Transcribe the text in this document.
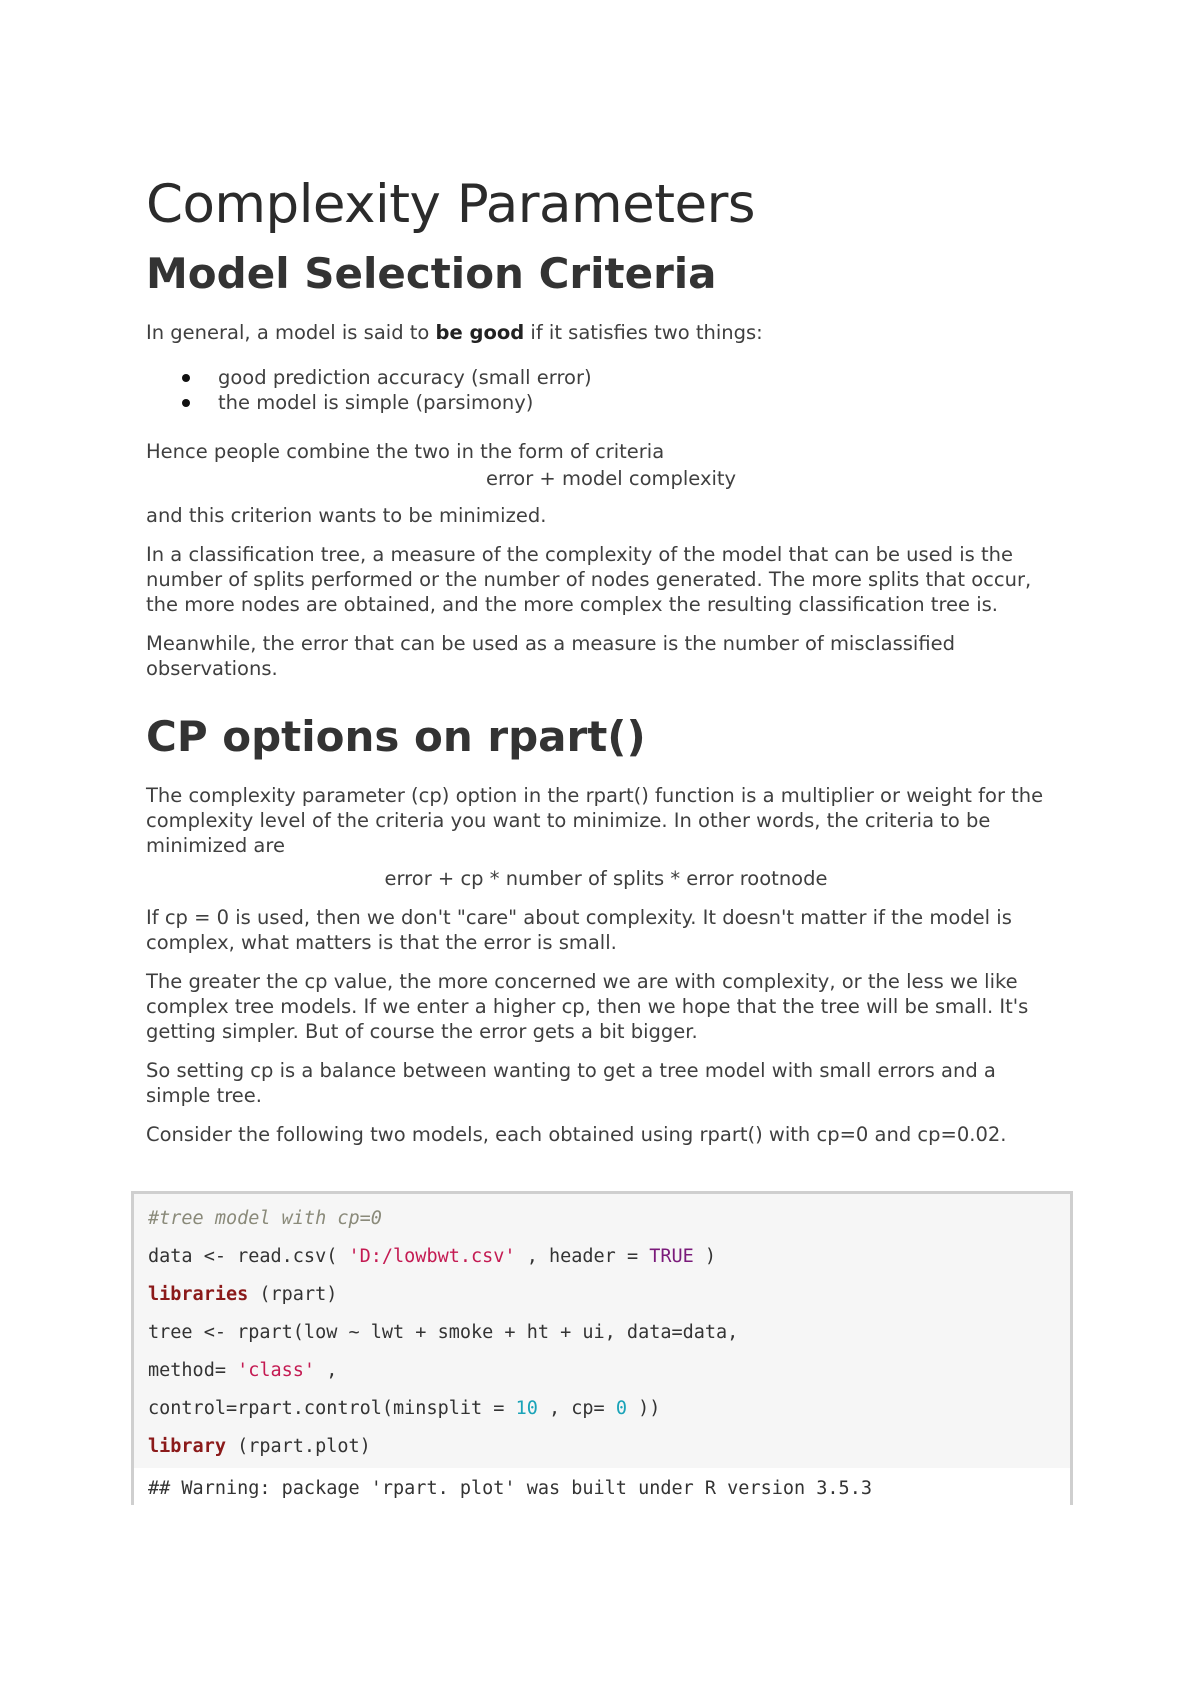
Complexity Parameters
Model Selection Criteria

In general, a model is said to be good if it satisfies two things:

good prediction accuracy (small error)
the model is simple (parsimony)

Hence people combine the two in the form of criteria

error + model complexity

and this criterion wants to be minimized.

In a classification tree, a measure of the complexity of the model that can be used is the number of splits performed or the number of nodes generated. The more splits that occur, the more nodes are obtained, and the more complex the resulting classification tree is.

Meanwhile, the error that can be used as a measure is the number of misclassified observations.

CP options on rpart()

The complexity parameter (cp) option in the rpart() function is a multiplier or weight for the complexity level of the criteria you want to minimize. In other words, the criteria to be minimized are

error + cp * number of splits * error rootnode

If cp = 0 is used, then we don't "care" about complexity. It doesn't matter if the model is complex, what matters is that the error is small.

The greater the cp value, the more concerned we are with complexity, or the less we like complex tree models. If we enter a higher cp, then we hope that the tree will be small. It's getting simpler. But of course the error gets a bit bigger.

So setting cp is a balance between wanting to get a tree model with small errors and a simple tree.

Consider the following two models, each obtained using rpart() with cp=0 and cp=0.02.

#tree model with cp=0
data <- read.csv( 'D:/lowbwt.csv' , header = TRUE )
libraries (rpart)
tree <- rpart(low ~ lwt + smoke + ht + ui, data=data,
method= 'class' ,
control=rpart.control(minsplit = 10 , cp= 0 ))
library (rpart.plot)
## Warning: package 'rpart. plot' was built under R version 3.5.3
